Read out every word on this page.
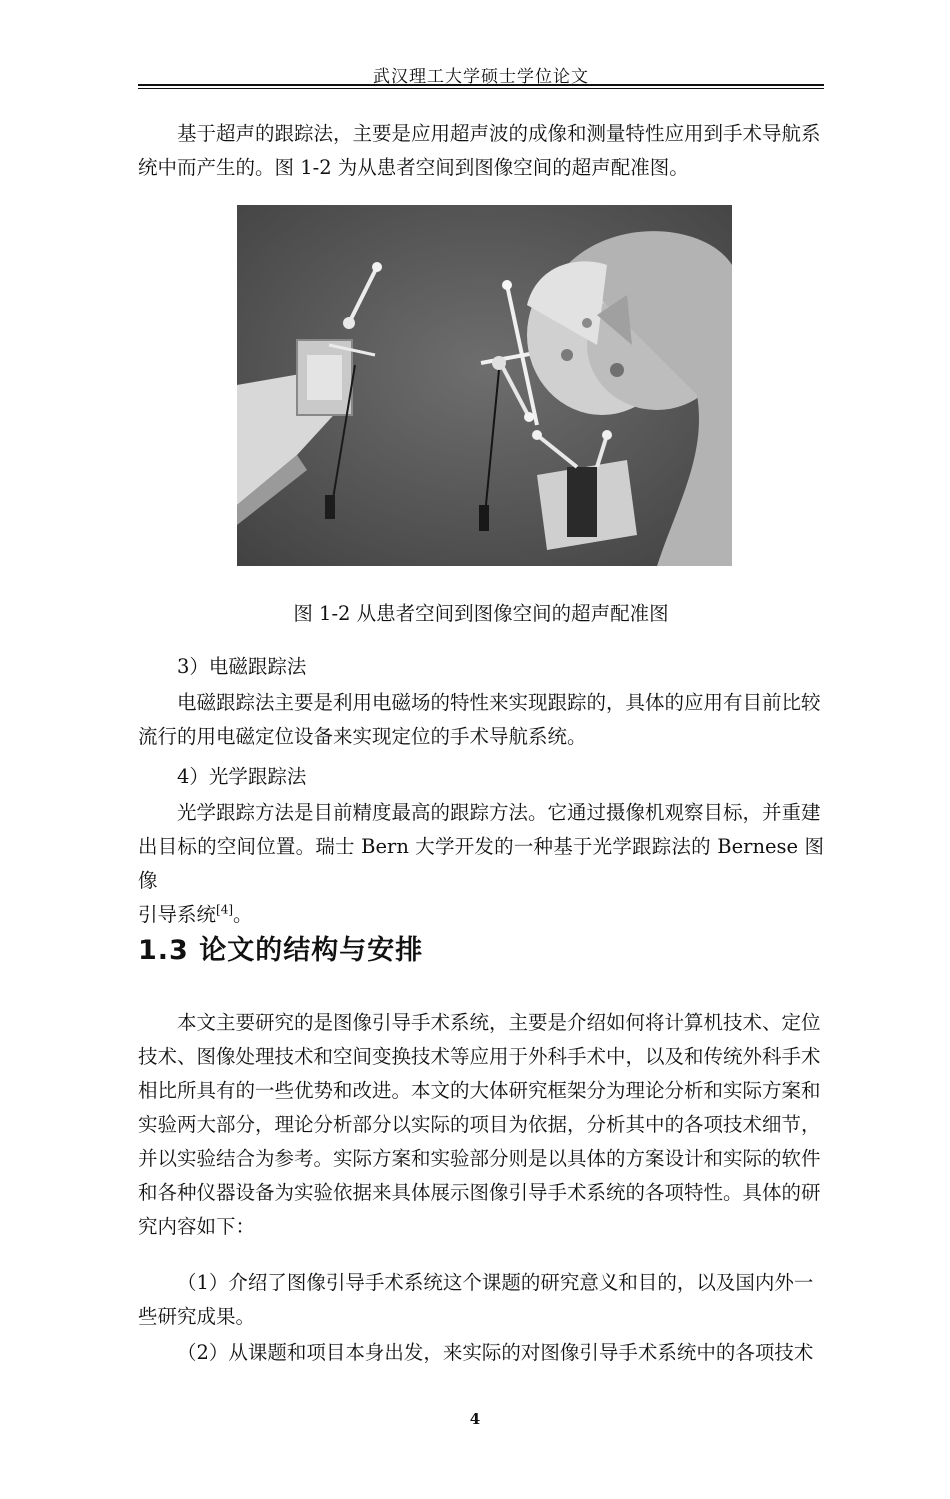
武汉理工大学硕士学位论文
基于超声的跟踪法，主要是应用超声波的成像和测量特性应用到手术导航系
统中而产生的。图 1-2 为从患者空间到图像空间的超声配准图。
图 1-2 从患者空间到图像空间的超声配准图
3）电磁跟踪法
电磁跟踪法主要是利用电磁场的特性来实现跟踪的，具体的应用有目前比较
流行的用电磁定位设备来实现定位的手术导航系统。
4）光学跟踪法
光学跟踪方法是目前精度最高的跟踪方法。它通过摄像机观察目标，并重建
出目标的空间位置。瑞士 Bern 大学开发的一种基于光学跟踪法的 Bernese 图像
引导系统[4]。
1.3 论文的结构与安排
本文主要研究的是图像引导手术系统，主要是介绍如何将计算机技术、定位
技术、图像处理技术和空间变换技术等应用于外科手术中，以及和传统外科手术
相比所具有的一些优势和改进。本文的大体研究框架分为理论分析和实际方案和
实验两大部分，理论分析部分以实际的项目为依据，分析其中的各项技术细节，
并以实验结合为参考。实际方案和实验部分则是以具体的方案设计和实际的软件
和各种仪器设备为实验依据来具体展示图像引导手术系统的各项特性。具体的研
究内容如下：
（1）介绍了图像引导手术系统这个课题的研究意义和目的，以及国内外一
些研究成果。
（2）从课题和项目本身出发，来实际的对图像引导手术系统中的各项技术
4
